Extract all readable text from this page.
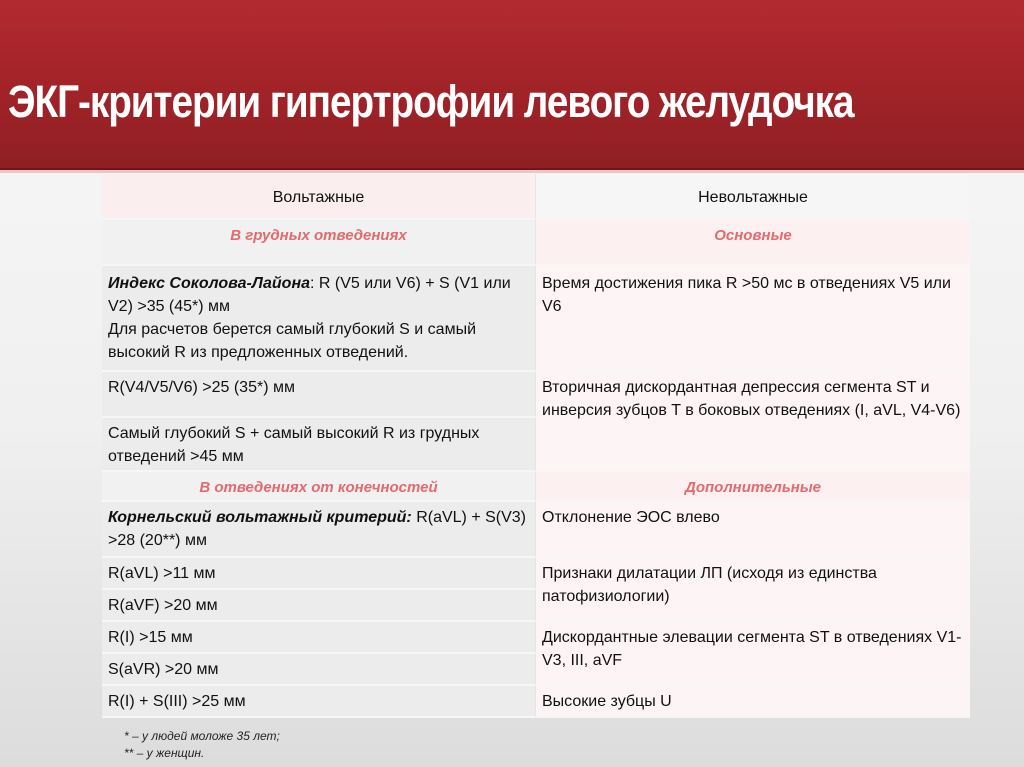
ЭКГ-критерии гипертрофии левого желудочка
Вольтажные
В грудных отведениях
Индекс Соколова-Лайона: R (V5 или V6) + S (V1 или V2) >35 (45*) мм
Для расчетов берется самый глубокий S и самый высокий R из предложенных отведений.
R(V4/V5/V6) >25 (35*) мм
Самый глубокий S + самый высокий R из грудных отведений >45 мм
В отведениях от конечностей
Корнельский вольтажный критерий: R(aVL) + S(V3) >28 (20**) мм
R(aVL) >11 мм
R(aVF) >20 мм
R(I) >15 мм
S(aVR) >20 мм
R(I) + S(III) >25 мм
Невольтажные
Основные
Время достижения пика R >50 мс в отведениях V5 или V6
Вторичная дискордантная депрессия сегмента ST и инверсия зубцов T в боковых отведениях (I, aVL, V4-V6)
Дополнительные
Отклонение ЭОС влево
Признаки дилатации ЛП (исходя из единства патофизиологии)
Дискордантные элевации сегмента ST в отведениях V1-V3, III, aVF
Высокие зубцы U
* – у людей моложе 35 лет;
** – у женщин.
